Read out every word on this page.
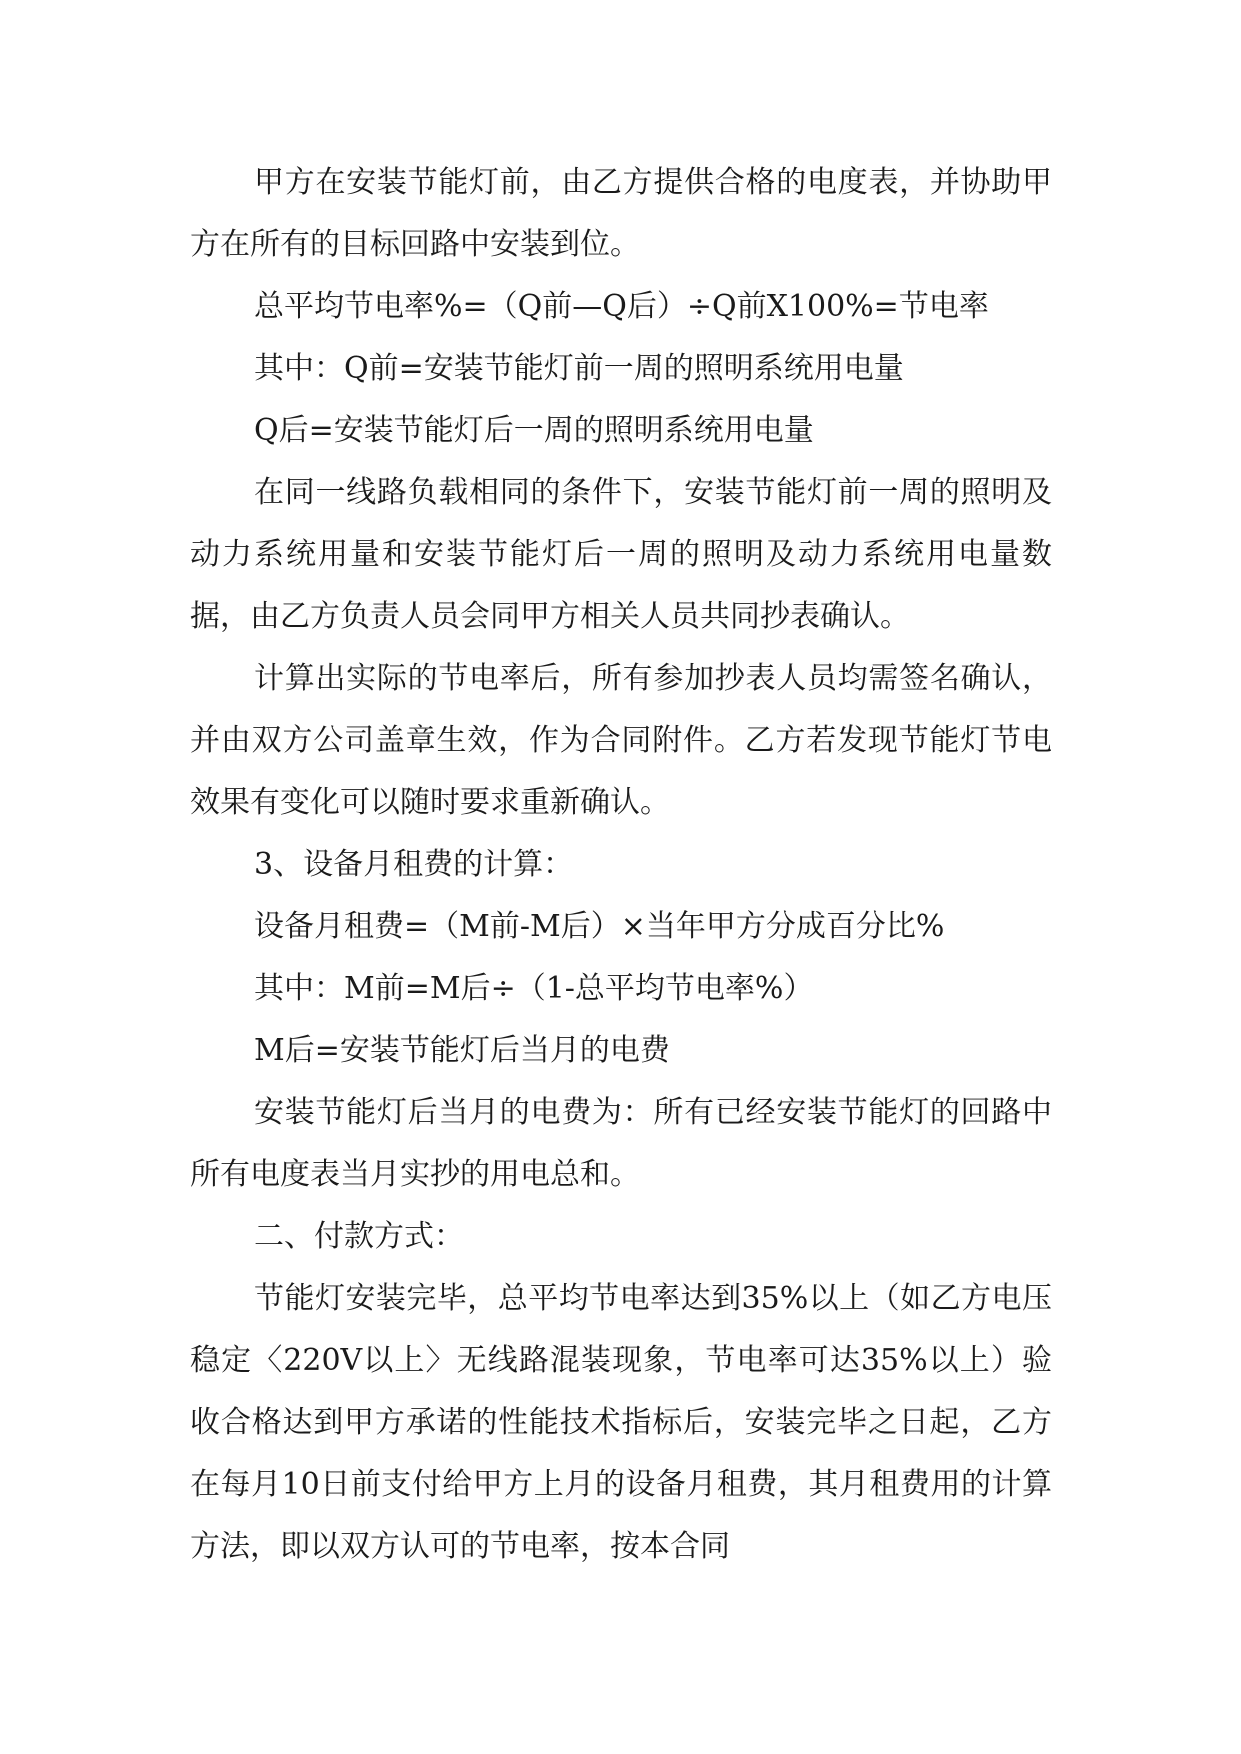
甲方在安装节能灯前，由乙方提供合格的电度表，并协助甲方在所有的目标回路中安装到位。

总平均节电率%=（Q前—Q后）÷Q前X100%=节电率

其中：Q前=安装节能灯前一周的照明系统用电量

Q后=安装节能灯后一周的照明系统用电量

在同一线路负载相同的条件下，安装节能灯前一周的照明及动力系统用量和安装节能灯后一周的照明及动力系统用电量数据，由乙方负责人员会同甲方相关人员共同抄表确认。

计算出实际的节电率后，所有参加抄表人员均需签名确认，并由双方公司盖章生效，作为合同附件。乙方若发现节能灯节电效果有变化可以随时要求重新确认。

3、设备月租费的计算：

设备月租费=（M前-M后）×当年甲方分成百分比%

其中：M前=M后÷（1-总平均节电率%）

M后=安装节能灯后当月的电费

安装节能灯后当月的电费为：所有已经安装节能灯的回路中所有电度表当月实抄的用电总和。

二、付款方式：

节能灯安装完毕，总平均节电率达到35%以上（如乙方电压稳定〈220V以上〉无线路混装现象，节电率可达35%以上）验收合格达到甲方承诺的性能技术指标后，安装完毕之日起，乙方在每月10日前支付给甲方上月的设备月租费，其月租费用的计算方法，即以双方认可的节电率，按本合同
